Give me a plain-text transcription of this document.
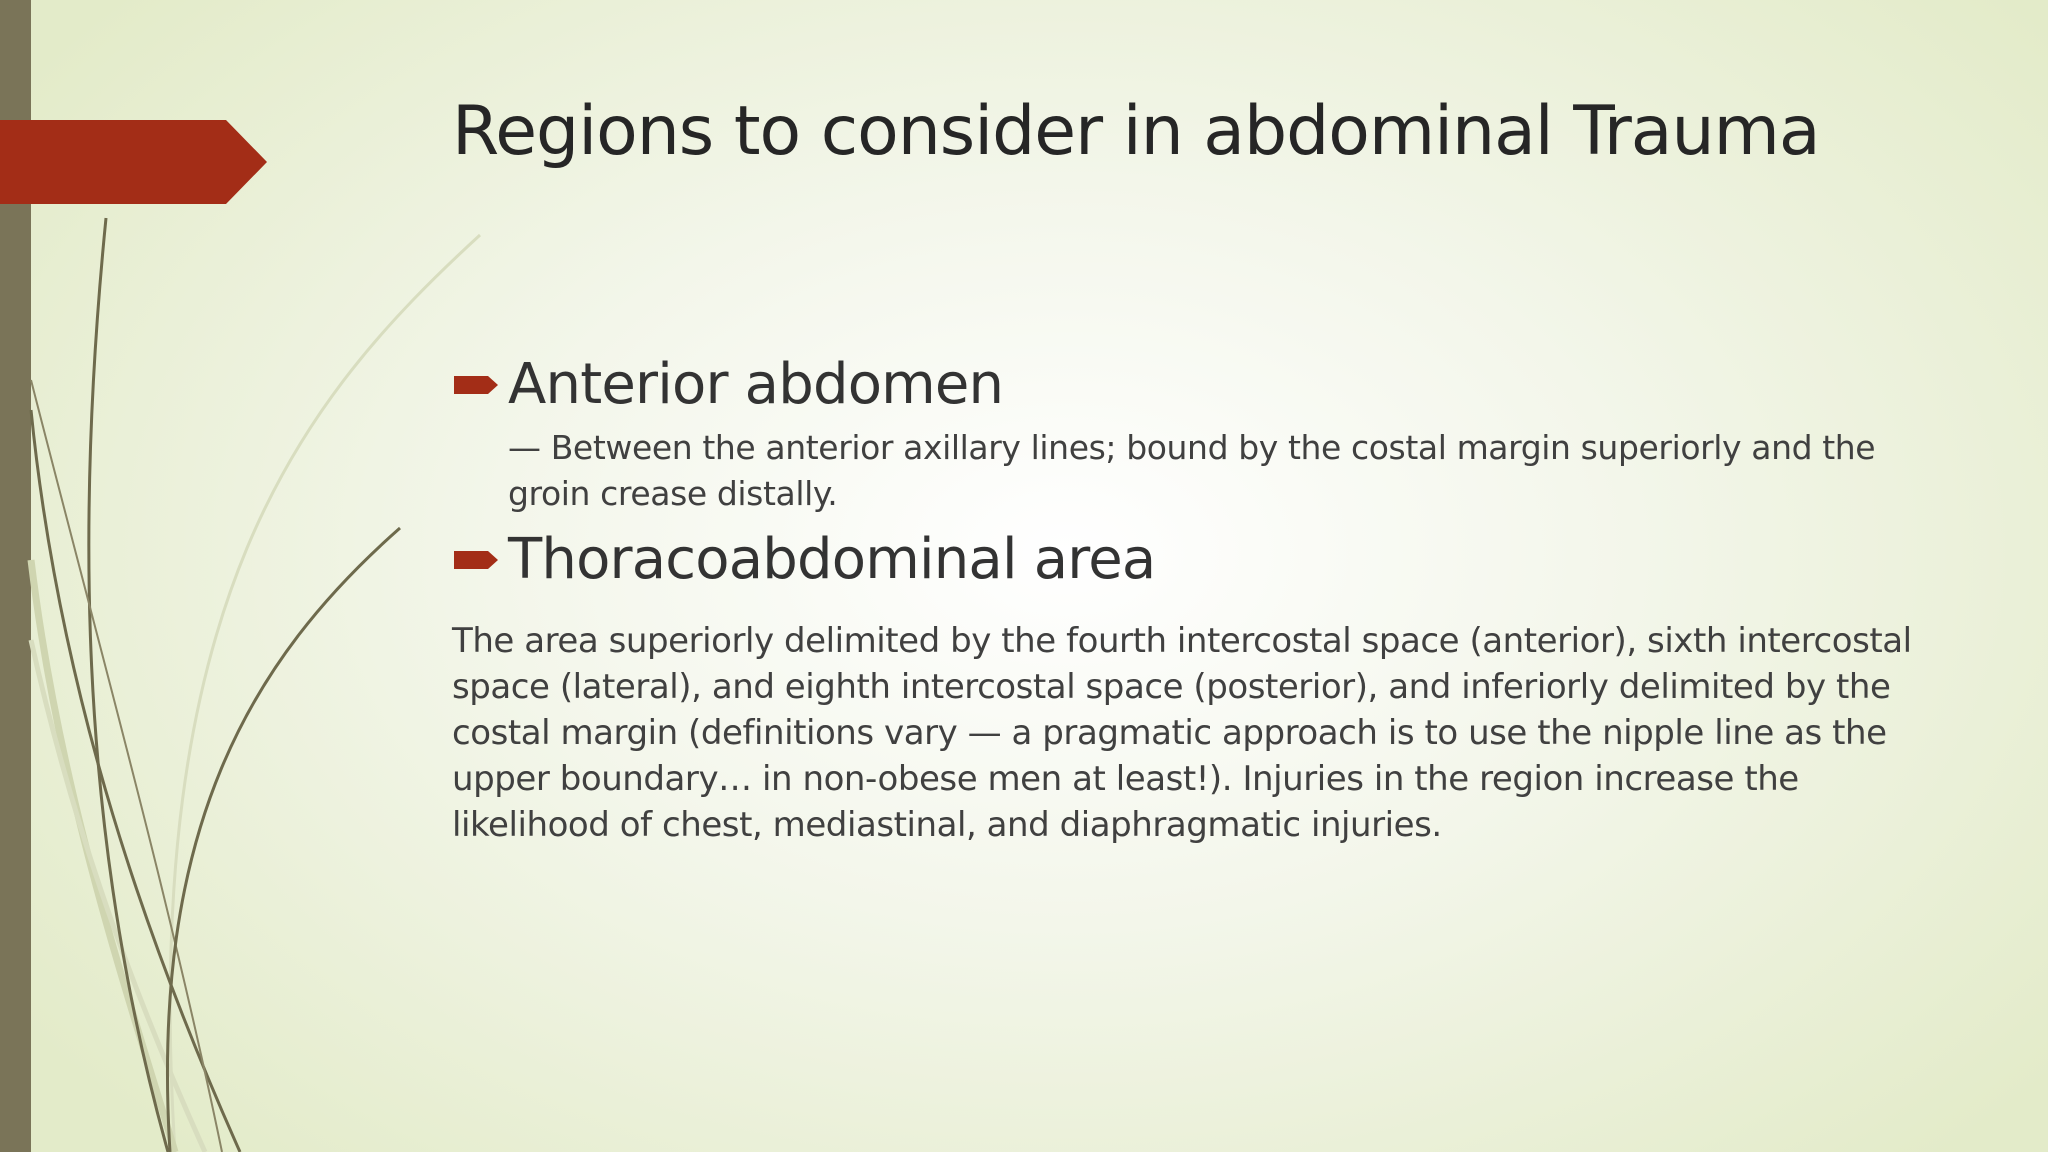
Regions to consider in abdominal Trauma
Anterior abdomen

— Between the anterior axillary lines; bound by the costal margin superiorly and the groin crease distally.

Thoracoabdominal area

The area superiorly delimited by the fourth intercostal space (anterior), sixth intercostal space (lateral), and eighth intercostal space (posterior), and inferiorly delimited by the costal margin (definitions vary — a pragmatic approach is to use the nipple line as the upper boundary… in non-obese men at least!). Injuries in the region increase the likelihood of chest, mediastinal, and diaphragmatic injuries.
